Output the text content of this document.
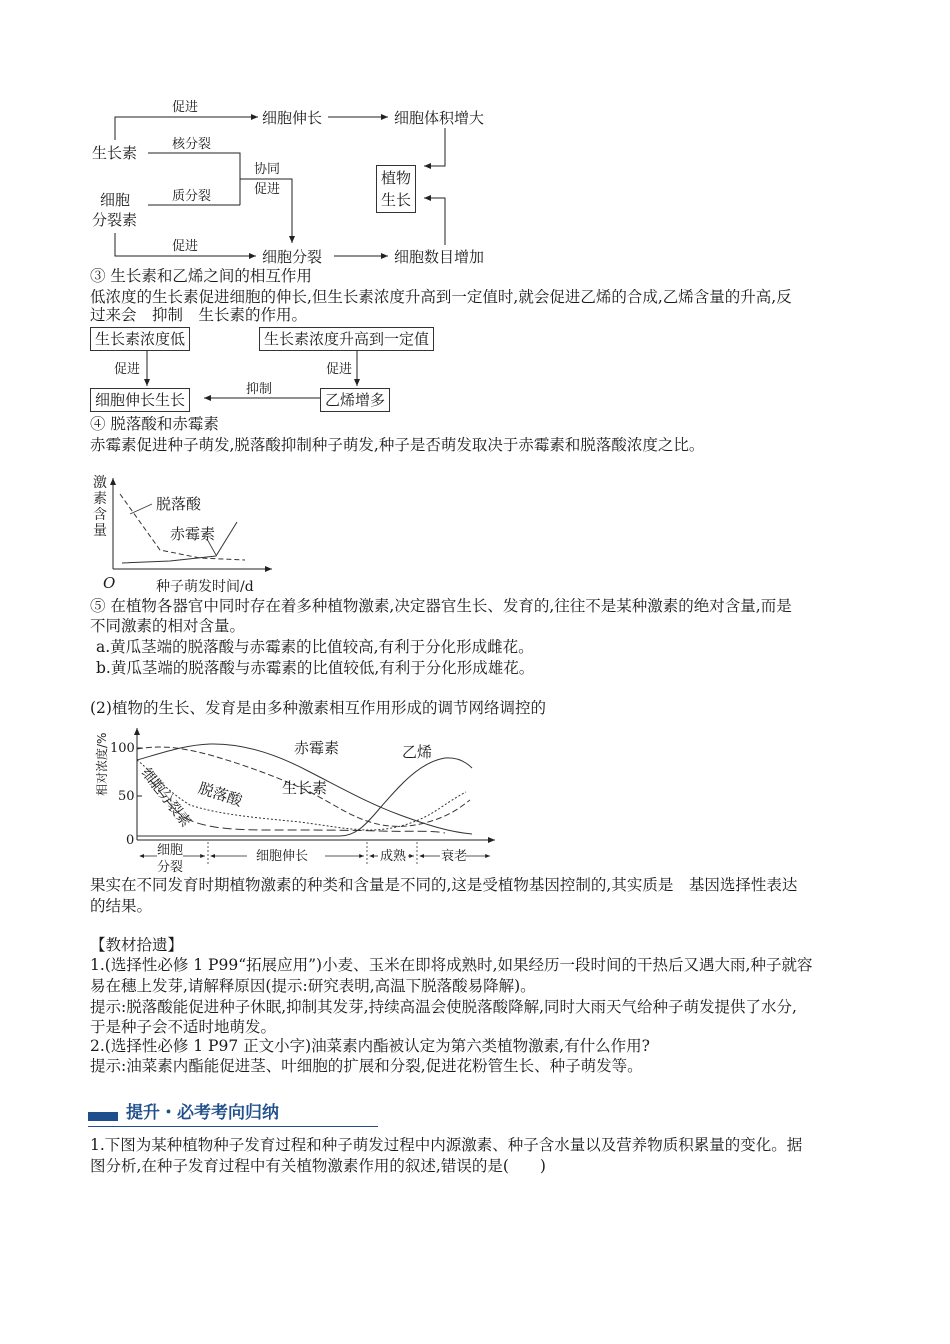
促进
细胞伸长	细胞体积增大
生长素	核分裂
协同
促进
植物
生长
细胞	质分裂
分裂素
促进
细胞分裂	细胞数目增加
③ 生长素和乙烯之间的相互作用
低浓度的生长素促进细胞的伸长,但生长素浓度升高到一定值时,就会促进乙烯的合成,乙烯含量的升高,反
过来会　抑制　生长素的作用。
生长素浓度低	生长素浓度升高到一定值
促进	促进
抑制
细胞伸长生长	乙烯增多
④ 脱落酸和赤霉素
赤霉素促进种子萌发,脱落酸抑制种子萌发,种子是否萌发取决于赤霉素和脱落酸浓度之比。
激素含量
脱落酸
赤霉素
O	种子萌发时间/d
⑤ 在植物各器官中同时存在着多种植物激素,决定器官生长、发育的,往往不是某种激素的绝对含量,而是
不同激素的相对含量。
a.黄瓜茎端的脱落酸与赤霉素的比值较高,有利于分化形成雌花。
b.黄瓜茎端的脱落酸与赤霉素的比值较低,有利于分化形成雄花。
(2)植物的生长、发育是由多种激素相互作用形成的调节网络调控的
相对浓度/% 100
50
0
赤霉素	乙烯
脱落酸 生长素
细胞分裂素
细胞
分裂
细胞伸长	成熟	衰老
果实在不同发育时期植物激素的种类和含量是不同的,这是受植物基因控制的,其实质是　基因选择性表达
的结果。
【教材拾遗】
1.(选择性必修 1 P99“拓展应用”)小麦、玉米在即将成熟时,如果经历一段时间的干热后又遇大雨,种子就容
易在穗上发芽,请解释原因(提示:研究表明,高温下脱落酸易降解)。
提示:脱落酸能促进种子休眠,抑制其发芽,持续高温会使脱落酸降解,同时大雨天气给种子萌发提供了水分,
于是种子会不适时地萌发。
2.(选择性必修 1 P97 正文小字)油菜素内酯被认定为第六类植物激素,有什么作用?
提示:油菜素内酯能促进茎、叶细胞的扩展和分裂,促进花粉管生长、种子萌发等。
提升・必考考向归纳
1.下图为某种植物种子发育过程和种子萌发过程中内源激素、种子含水量以及营养物质积累量的变化。据
图分析,在种子发育过程中有关植物激素作用的叙述,错误的是(　　)
